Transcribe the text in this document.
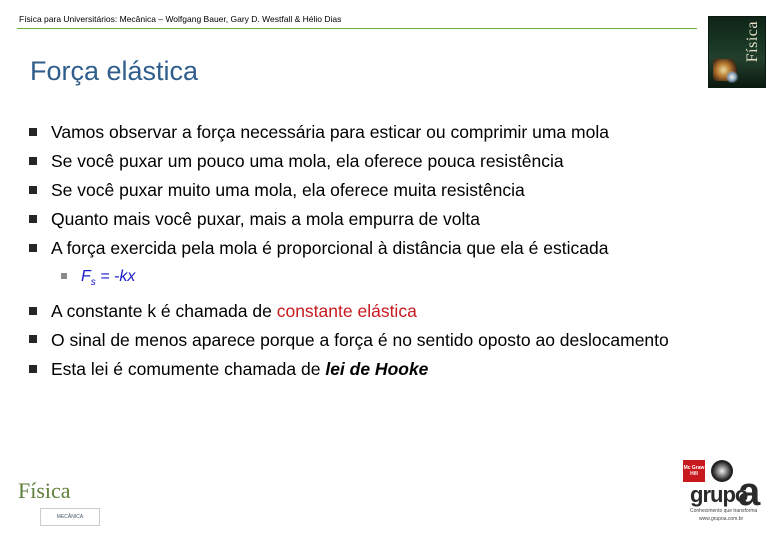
Física para Universitários: Mecânica – Wolfgang Bauer, Gary D. Westfall & Hélio Dias
Física
Força elástica
Vamos observar a força necessária para esticar ou comprimir uma mola
Se você puxar um pouco uma mola, ela oferece pouca resistência
Se você puxar muito uma mola, ela oferece muita resistência
Quanto mais você puxar, mais a mola empurra de volta
A força exercida pela mola é proporcional à distância que ela é esticada
$F_s = -kx$
A constante k é chamada de constante elástica
O sinal de menos aparece porque a força é no sentido oposto ao deslocamento
Esta lei é comumente chamada de lei de Hooke
Física
MECÂNICA
Mc Graw Hill
grupo
a
Conhecimento que transforma
www.grupoa.com.br
